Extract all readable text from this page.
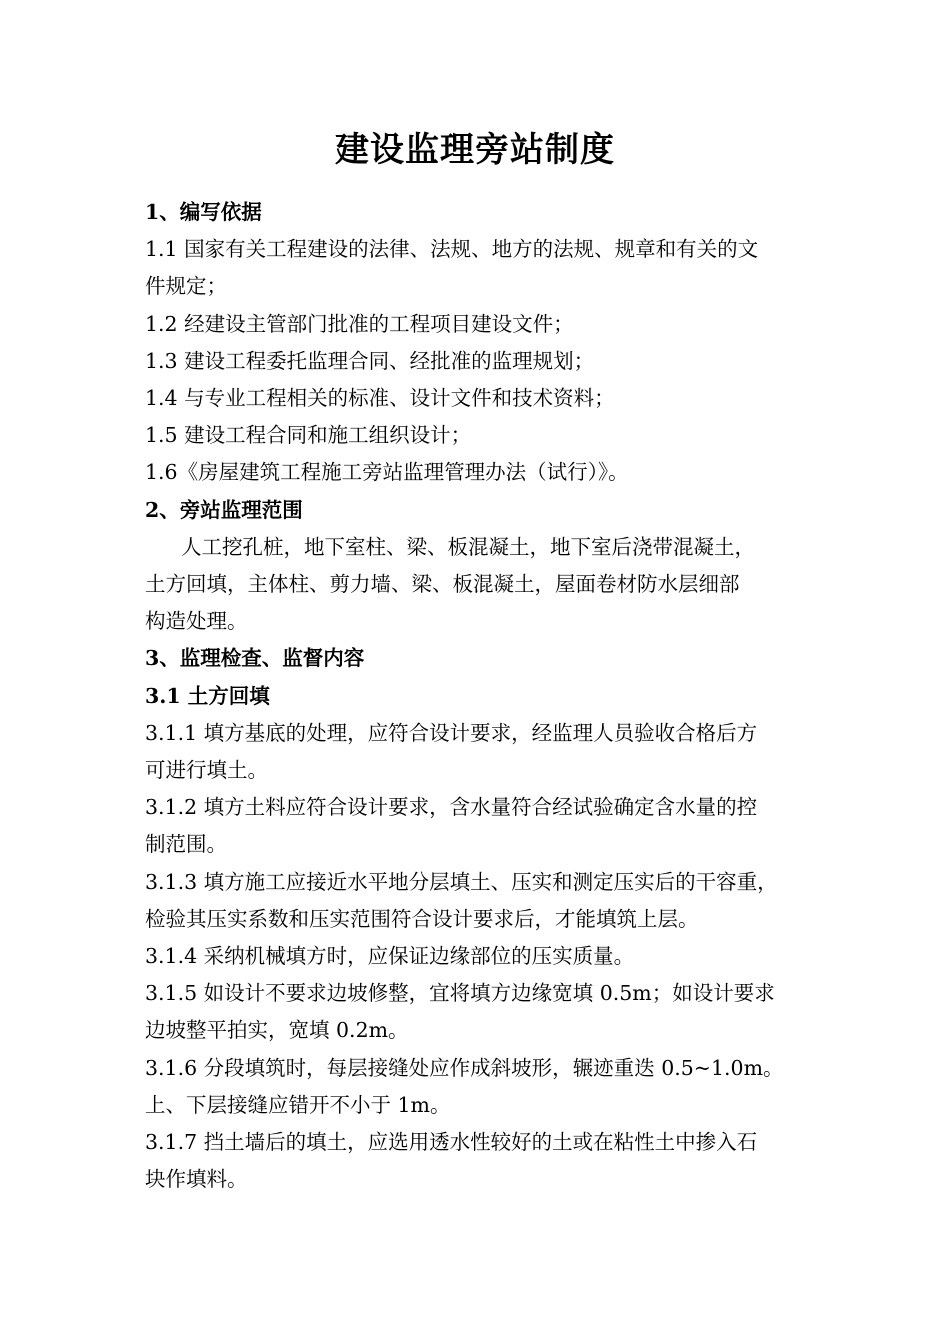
建设监理旁站制度

1、编写依据

1.1 国家有关工程建设的法律、法规、地方的法规、规章和有关的文

件规定；

1.2 经建设主管部门批准的工程项目建设文件；

1.3 建设工程委托监理合同、经批准的监理规划；

1.4 与专业工程相关的标准、设计文件和技术资料；

1.5 建设工程合同和施工组织设计；

1.6《房屋建筑工程施工旁站监理管理办法（试行）》。

2、旁站监理范围

人工挖孔桩，地下室柱、梁、板混凝土，地下室后浇带混凝土，

土方回填，主体柱、剪力墙、梁、板混凝土，屋面卷材防水层细部

构造处理。

3、监理检查、监督内容

3.1 土方回填

3.1.1 填方基底的处理，应符合设计要求，经监理人员验收合格后方

可进行填土。

3.1.2 填方土料应符合设计要求，含水量符合经试验确定含水量的控

制范围。

3.1.3 填方施工应接近水平地分层填土、压实和测定压实后的干容重，

检验其压实系数和压实范围符合设计要求后，才能填筑上层。

3.1.4 采纳机械填方时，应保证边缘部位的压实质量。

3.1.5 如设计不要求边坡修整，宜将填方边缘宽填 0.5m；如设计要求

边坡整平拍实，宽填 0.2m。

3.1.6 分段填筑时，每层接缝处应作成斜坡形，辗迹重迭 0.5~1.0m。

上、下层接缝应错开不小于 1m。

3.1.7 挡土墙后的填土，应选用透水性较好的土或在粘性土中掺入石

块作填料。
